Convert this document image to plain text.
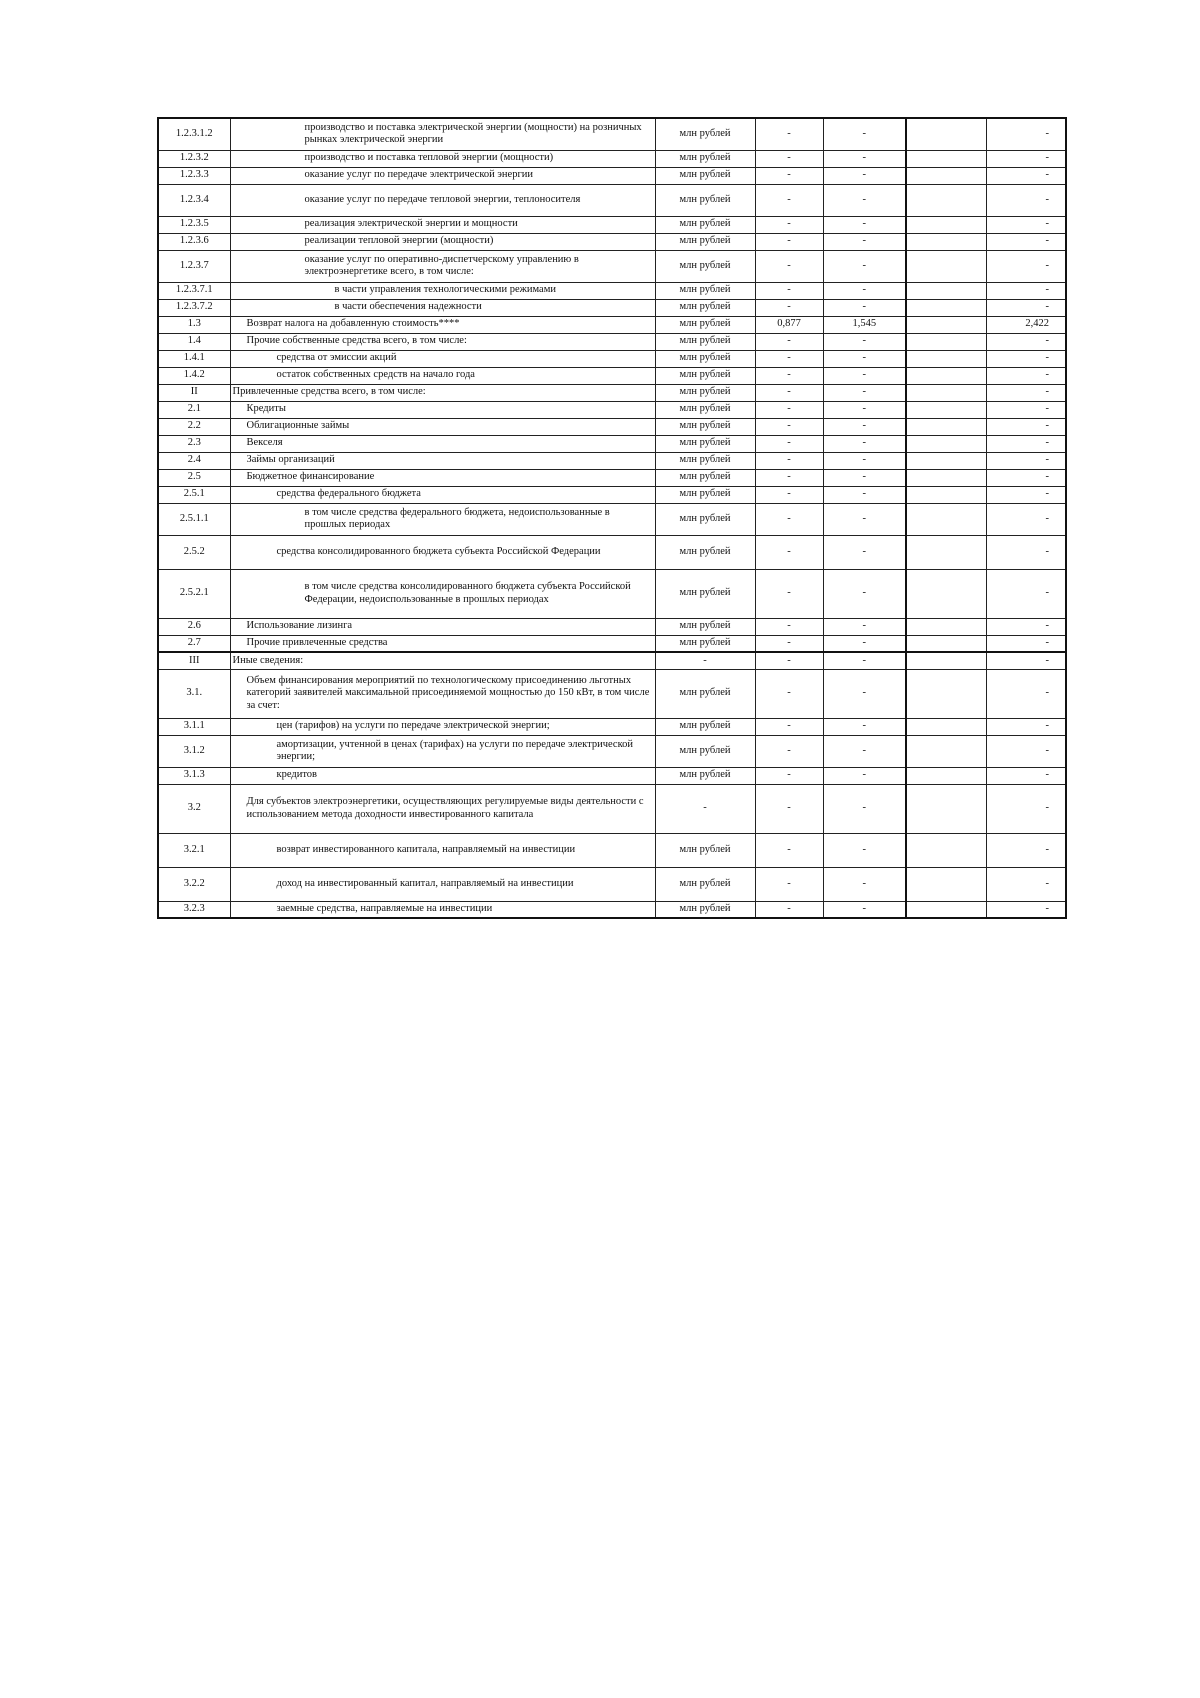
1.2.3.1.2	производство и поставка электрической энергии (мощности) на розничных рынках электрической энергии	млн рублей	-	-		-
1.2.3.2	производство и поставка тепловой энергии (мощности)	млн рублей	-	-		-
1.2.3.3	оказание услуг по передаче электрической энергии	млн рублей	-	-		-
1.2.3.4	оказание услуг по передаче тепловой энергии, теплоносителя	млн рублей	-	-		-
1.2.3.5	реализация электрической энергии и мощности	млн рублей	-	-		-
1.2.3.6	реализации тепловой энергии (мощности)	млн рублей	-	-		-
1.2.3.7	оказание услуг по оперативно-диспетчерскому управлению в электроэнергетике всего, в том числе:	млн рублей	-	-		-
1.2.3.7.1	в части управления технологическими режимами	млн рублей	-	-		-
1.2.3.7.2	в части обеспечения надежности	млн рублей	-	-		-
1.3	Возврат налога на добавленную стоимость****	млн рублей	0,877	1,545		2,422
1.4	Прочие собственные средства всего, в том числе:	млн рублей	-	-		-
1.4.1	средства от эмиссии акций	млн рублей	-	-		-
1.4.2	остаток собственных средств на начало года	млн рублей	-	-		-
II	Привлеченные средства всего, в том числе:	млн рублей	-	-		-
2.1	Кредиты	млн рублей	-	-		-
2.2	Облигационные займы	млн рублей	-	-		-
2.3	Векселя	млн рублей	-	-		-
2.4	Займы организаций	млн рублей	-	-		-
2.5	Бюджетное финансирование	млн рублей	-	-		-
2.5.1	средства федерального бюджета	млн рублей	-	-		-
2.5.1.1	в том числе средства федерального бюджета, недоиспользованные в прошлых периодах	млн рублей	-	-		-
2.5.2	средства консолидированного бюджета субъекта Российской Федерации	млн рублей	-	-		-
2.5.2.1	в том числе средства консолидированного бюджета субъекта Российской Федерации, недоиспользованные в прошлых периодах	млн рублей	-	-		-
2.6	Использование лизинга	млн рублей	-	-		-
2.7	Прочие привлеченные средства	млн рублей	-	-		-
III	Иные сведения:	-	-	-		-
3.1.	Объем финансирования мероприятий по технологическому присоединению льготных категорий заявителей максимальной присоединяемой мощностью до 150 кВт, в том числе за счет:	млн рублей	-	-		-
3.1.1	цен (тарифов) на услуги по передаче электрической энергии;	млн рублей	-	-		-
3.1.2	амортизации, учтенной в ценах (тарифах) на услуги по передаче электрической энергии;	млн рублей	-	-		-
3.1.3	кредитов	млн рублей	-	-		-
3.2	Для субъектов электроэнергетики, осуществляющих регулируемые виды деятельности с использованием метода доходности инвестированного капитала	-	-	-		-
3.2.1	возврат инвестированного капитала, направляемый на инвестиции	млн рублей	-	-		-
3.2.2	доход на инвестированный капитал, направляемый на инвестиции	млн рублей	-	-		-
3.2.3	заемные средства, направляемые на инвестиции	млн рублей	-	-		-
